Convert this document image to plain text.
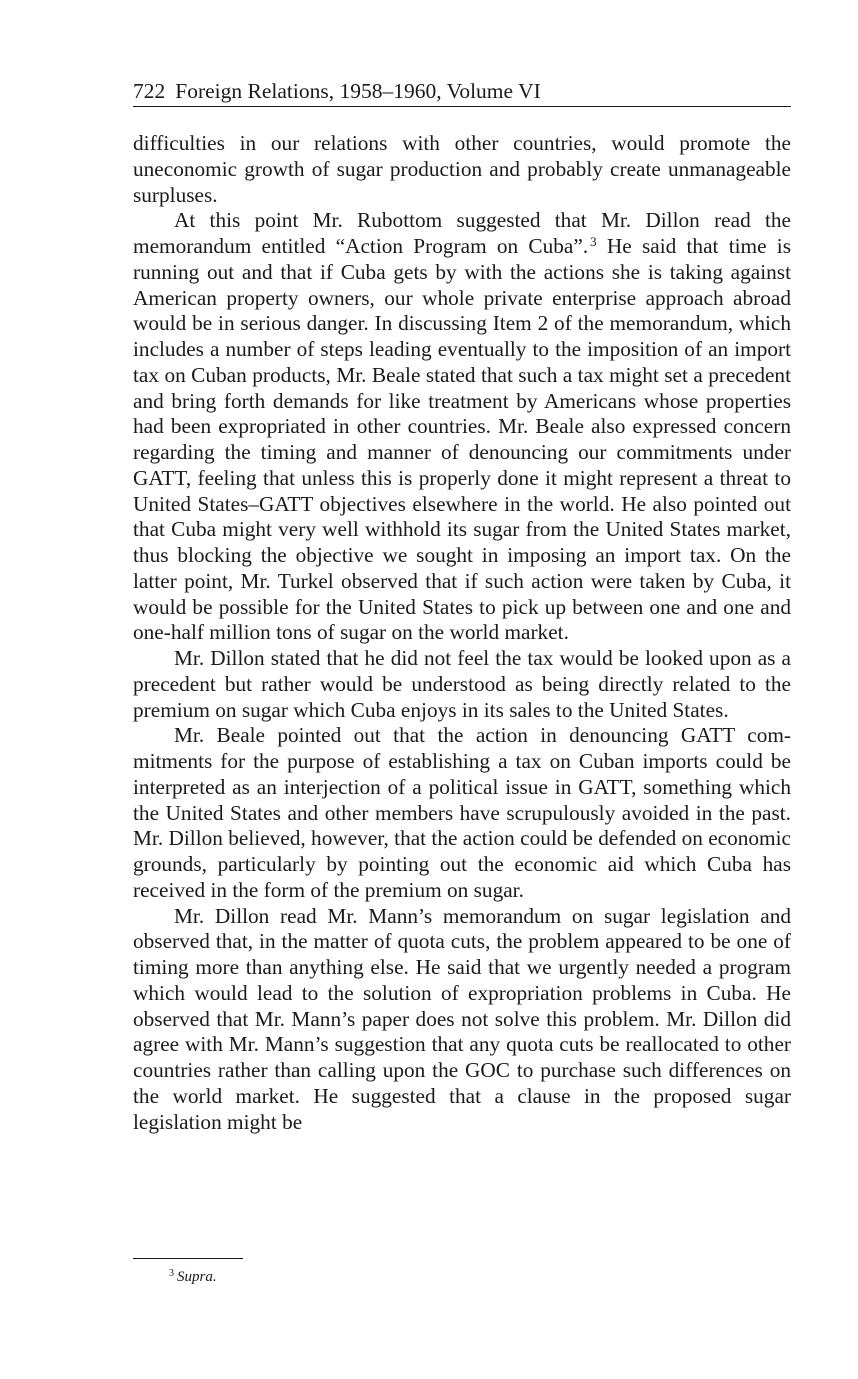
722 Foreign Relations, 1958–1960, Volume VI

difficulties in our relations with other countries, would promote the uneconomic growth of sugar production and probably create unmanageable surpluses.

At this point Mr. Rubottom suggested that Mr. Dillon read the memorandum entitled “Action Program on Cuba”. $^3$ He said that time is running out and that if Cuba gets by with the actions she is taking against American property owners, our whole private enterprise approach abroad would be in serious danger. In discussing Item 2 of the memorandum, which includes a number of steps leading eventually to the imposition of an import tax on Cuban products, Mr. Beale stated that such a tax might set a precedent and bring forth demands for like treatment by Americans whose properties had been expropriated in other countries. Mr. Beale also expressed concern regarding the timing and manner of denouncing our commitments under GATT, feeling that unless this is properly done it might represent a threat to United States–GATT objectives elsewhere in the world. He also pointed out that Cuba might very well withhold its sugar from the United States market, thus blocking the objective we sought in imposing an import tax. On the latter point, Mr. Turkel observed that if such action were taken by Cuba, it would be possible for the United States to pick up between one and one and one-half million tons of sugar on the world market.

Mr. Dillon stated that he did not feel the tax would be looked upon as a precedent but rather would be understood as being directly related to the premium on sugar which Cuba enjoys in its sales to the United States.

Mr. Beale pointed out that the action in denouncing GATT commitments for the purpose of establishing a tax on Cuban imports could be interpreted as an interjection of a political issue in GATT, something which the United States and other members have scrupulously avoided in the past. Mr. Dillon believed, however, that the action could be defended on economic grounds, particularly by pointing out the economic aid which Cuba has received in the form of the premium on sugar.

Mr. Dillon read Mr. Mann’s memorandum on sugar legislation and observed that, in the matter of quota cuts, the problem appeared to be one of timing more than anything else. He said that we urgently needed a program which would lead to the solution of expropriation problems in Cuba. He observed that Mr. Mann’s paper does not solve this problem. Mr. Dillon did agree with Mr. Mann’s suggestion that any quota cuts be reallocated to other countries rather than calling upon the GOC to purchase such differences on the world market. He suggested that a clause in the proposed sugar legislation might be

$^3$ Supra.
